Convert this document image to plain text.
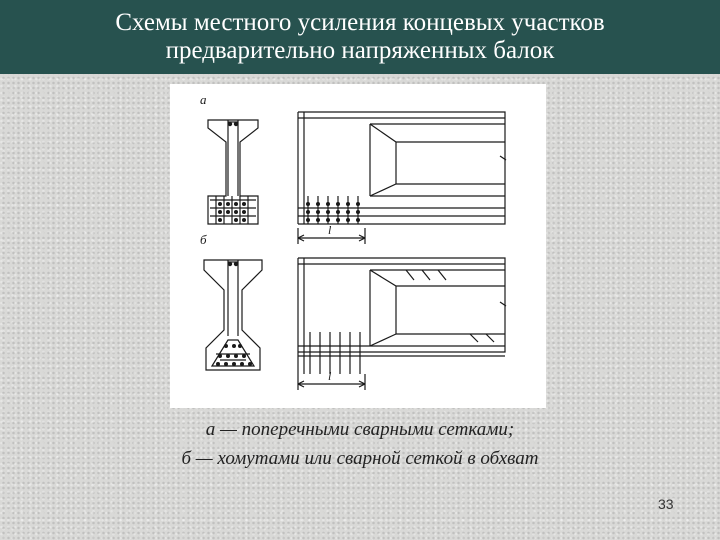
Схемы местного усиления концевых участков
предварительно напряженных балок
a
l
б
l
а — поперечными сварными сетками;
б — хомутами или сварной сеткой в обхват
33
